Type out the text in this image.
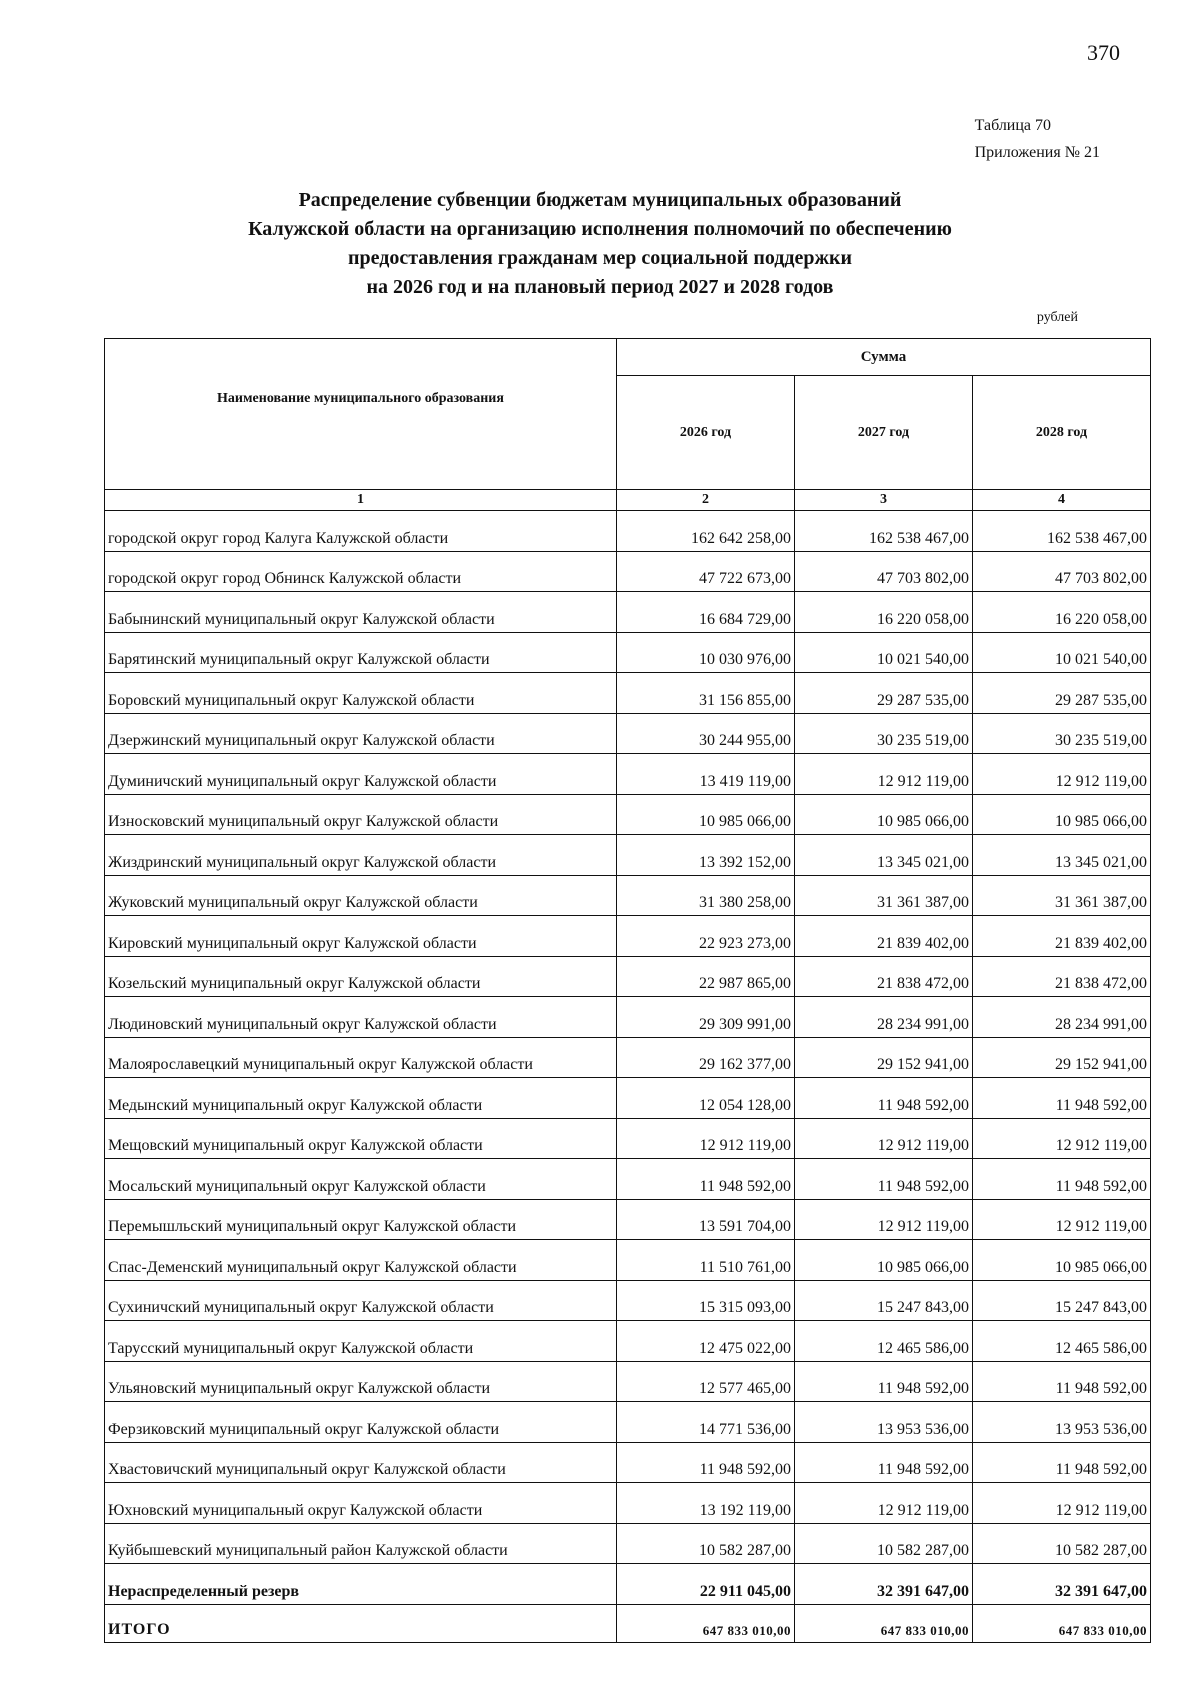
370
Таблица 70
Приложения № 21
Распределение субвенции бюджетам муниципальных образований
Калужской области на организацию исполнения полномочий по обеспечению
предоставления гражданам мер социальной поддержки
на 2026 год и на плановый период 2027 и 2028 годов
рублей
Наименование муниципального образования	Сумма		
	2026 год	2027 год	2028 год
1	2	3	4
городской округ город Калуга Калужской области	162 642 258,00	162 538 467,00	162 538 467,00
городской округ город Обнинск Калужской области	47 722 673,00	47 703 802,00	47 703 802,00
Бабынинский муниципальный округ Калужской области	16 684 729,00	16 220 058,00	16 220 058,00
Барятинский муниципальный округ Калужской области	10 030 976,00	10 021 540,00	10 021 540,00
Боровский муниципальный округ Калужской области	31 156 855,00	29 287 535,00	29 287 535,00
Дзержинский муниципальный округ Калужской области	30 244 955,00	30 235 519,00	30 235 519,00
Думиничский муниципальный округ Калужской области	13 419 119,00	12 912 119,00	12 912 119,00
Износковский муниципальный округ Калужской области	10 985 066,00	10 985 066,00	10 985 066,00
Жиздринский муниципальный округ Калужской области	13 392 152,00	13 345 021,00	13 345 021,00
Жуковский муниципальный округ Калужской области	31 380 258,00	31 361 387,00	31 361 387,00
Кировский муниципальный округ Калужской области	22 923 273,00	21 839 402,00	21 839 402,00
Козельский муниципальный округ Калужской области	22 987 865,00	21 838 472,00	21 838 472,00
Людиновский муниципальный округ Калужской области	29 309 991,00	28 234 991,00	28 234 991,00
Малоярославецкий муниципальный округ Калужской области	29 162 377,00	29 152 941,00	29 152 941,00
Медынский муниципальный округ Калужской области	12 054 128,00	11 948 592,00	11 948 592,00
Мещовский муниципальный округ Калужской области	12 912 119,00	12 912 119,00	12 912 119,00
Мосальский муниципальный округ Калужской области	11 948 592,00	11 948 592,00	11 948 592,00
Перемышльский муниципальный округ Калужской области	13 591 704,00	12 912 119,00	12 912 119,00
Спас-Деменский муниципальный округ Калужской области	11 510 761,00	10 985 066,00	10 985 066,00
Сухиничский муниципальный округ Калужской области	15 315 093,00	15 247 843,00	15 247 843,00
Тарусский муниципальный округ Калужской области	12 475 022,00	12 465 586,00	12 465 586,00
Ульяновский муниципальный округ Калужской области	12 577 465,00	11 948 592,00	11 948 592,00
Ферзиковский муниципальный округ Калужской области	14 771 536,00	13 953 536,00	13 953 536,00
Хвастовичский муниципальный округ Калужской области	11 948 592,00	11 948 592,00	11 948 592,00
Юхновский муниципальный округ Калужской области	13 192 119,00	12 912 119,00	12 912 119,00
Куйбышевский муниципальный район Калужской области	10 582 287,00	10 582 287,00	10 582 287,00
Нераспределенный резерв	22 911 045,00	32 391 647,00	32 391 647,00
ИТОГО	647 833 010,00	647 833 010,00	647 833 010,00
